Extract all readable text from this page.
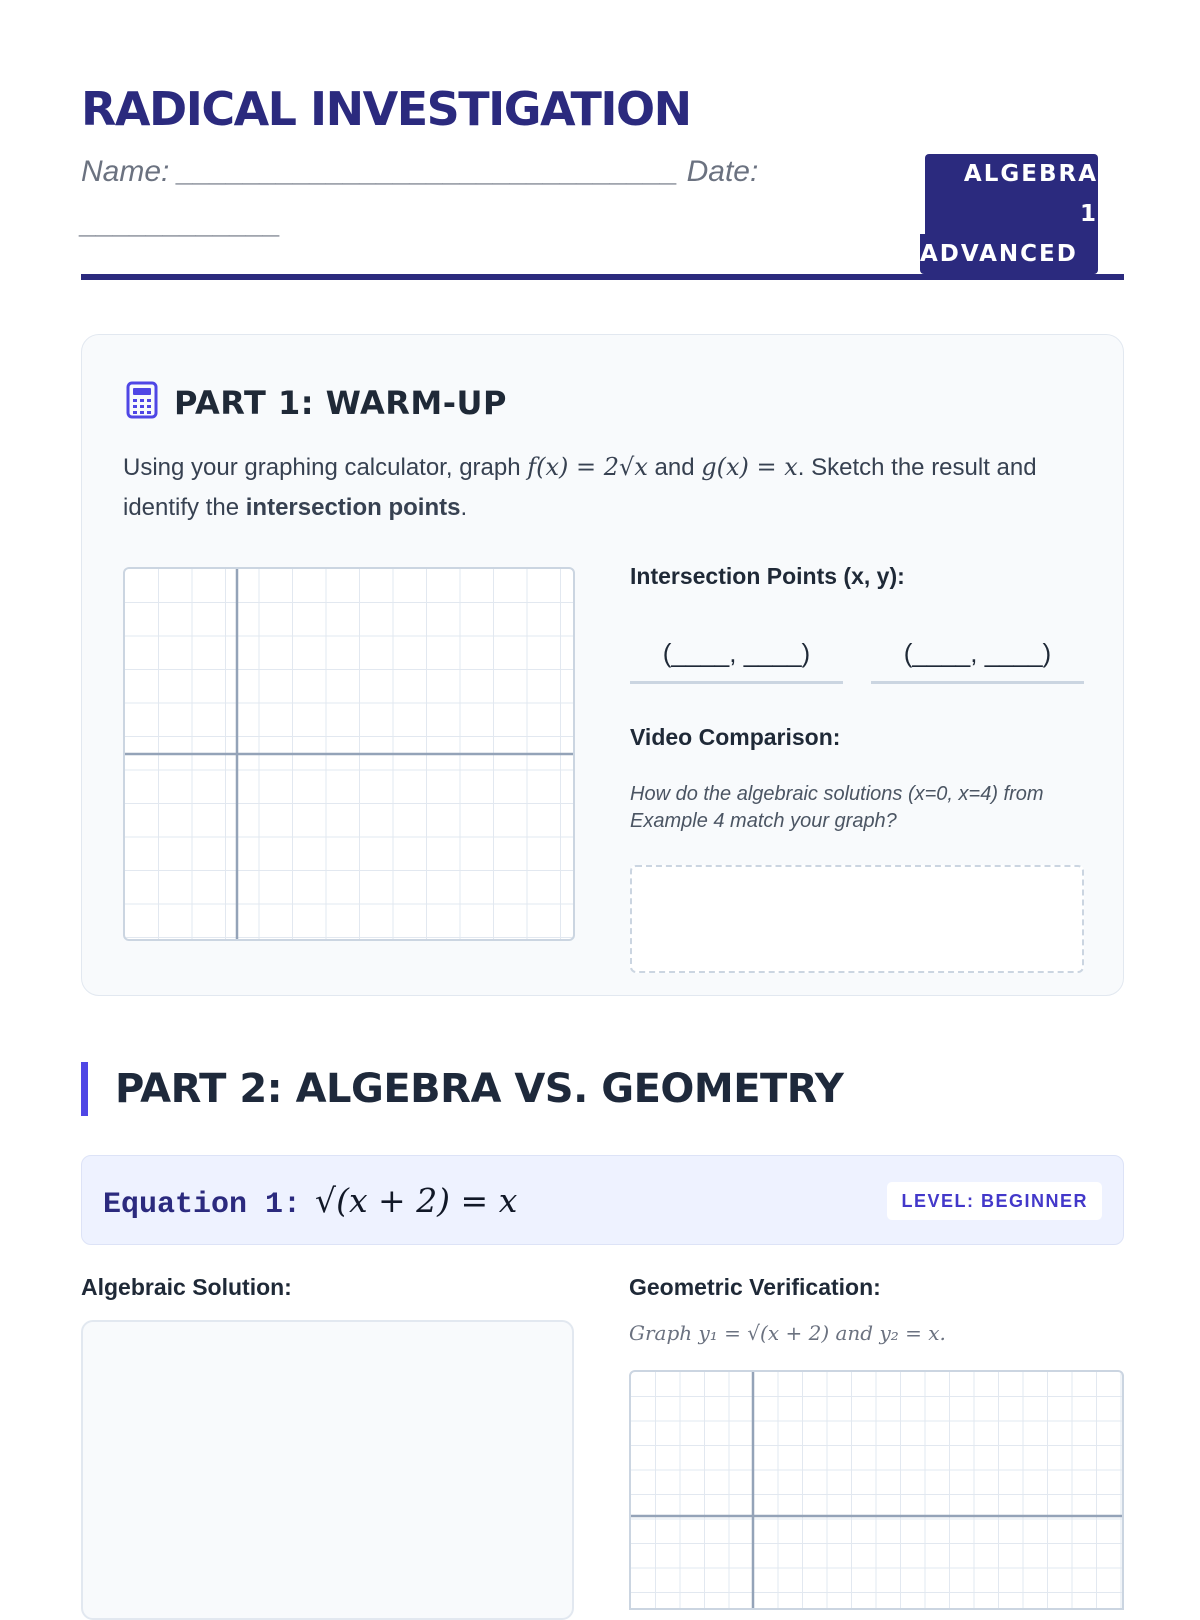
RADICAL INVESTIGATION
Name: ______________________________ Date: ____________
ALGEBRA 1
ADVANCED
PART 1: WARM-UP

Using your graphing calculator, graph f(x) = 2√x and g(x) = x. Sketch the result and identify the intersection points.

Intersection Points (x, y):

(____, ____)	(____, ____)

Video Comparison:

How do the algebraic solutions (x=0, x=4) from Example 4 match your graph?

PART 2: ALGEBRA VS. GEOMETRY
Equation 1: √(x + 2) = x	LEVEL: BEGINNER

Algebraic Solution:	Geometric Verification:

Graph y₁ = √(x + 2) and y₂ = x.
